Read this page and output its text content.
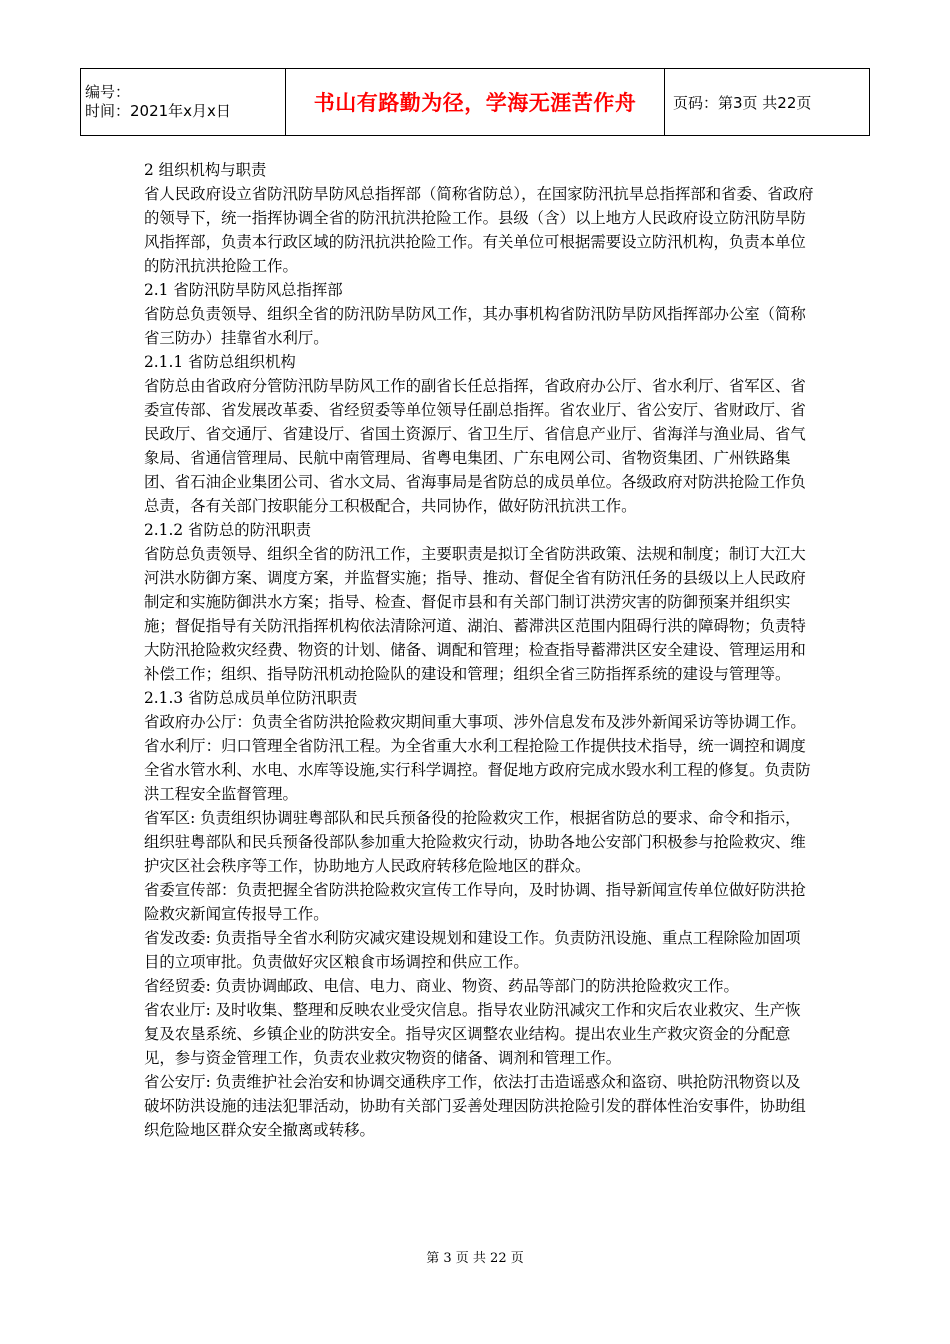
编号：
时间：2021年x月x日	书山有路勤为径，学海无涯苦作舟	页码：第3页 共22页

2 组织机构与职责

省人民政府设立省防汛防旱防风总指挥部（简称省防总），在国家防汛抗旱总指挥部和省委、省政府的领导下，统一指挥协调全省的防汛抗洪抢险工作。县级（含）以上地方人民政府设立防汛防旱防风指挥部，负责本行政区域的防汛抗洪抢险工作。有关单位可根据需要设立防汛机构，负责本单位的防汛抗洪抢险工作。

2.1 省防汛防旱防风总指挥部

省防总负责领导、组织全省的防汛防旱防风工作，其办事机构省防汛防旱防风指挥部办公室（简称省三防办）挂靠省水利厅。

2.1.1 省防总组织机构

省防总由省政府分管防汛防旱防风工作的副省长任总指挥，省政府办公厅、省水利厅、省军区、省委宣传部、省发展改革委、省经贸委等单位领导任副总指挥。省农业厅、省公安厅、省财政厅、省民政厅、省交通厅、省建设厅、省国土资源厅、省卫生厅、省信息产业厅、省海洋与渔业局、省气象局、省通信管理局、民航中南管理局、省粤电集团、广东电网公司、省物资集团、广州铁路集团、省石油企业集团公司、省水文局、省海事局是省防总的成员单位。各级政府对防洪抢险工作负总责，各有关部门按职能分工积极配合，共同协作，做好防汛抗洪工作。

2.1.2 省防总的防汛职责

省防总负责领导、组织全省的防汛工作，主要职责是拟订全省防洪政策、法规和制度；制订大江大河洪水防御方案、调度方案，并监督实施；指导、推动、督促全省有防汛任务的县级以上人民政府制定和实施防御洪水方案；指导、检查、督促市县和有关部门制订洪涝灾害的防御预案并组织实施；督促指导有关防汛指挥机构依法清除河道、湖泊、蓄滞洪区范围内阻碍行洪的障碍物；负责特大防汛抢险救灾经费、物资的计划、储备、调配和管理；检查指导蓄滞洪区安全建设、管理运用和补偿工作；组织、指导防汛机动抢险队的建设和管理；组织全省三防指挥系统的建设与管理等。

2.1.3 省防总成员单位防汛职责

省政府办公厅：负责全省防洪抢险救灾期间重大事项、涉外信息发布及涉外新闻采访等协调工作。

省水利厅：归口管理全省防汛工程。为全省重大水利工程抢险工作提供技术指导，统一调控和调度全省水管水利、水电、水库等设施,实行科学调控。督促地方政府完成水毁水利工程的修复。负责防洪工程安全监督管理。

省军区: 负责组织协调驻粤部队和民兵预备役的抢险救灾工作，根据省防总的要求、命令和指示，组织驻粤部队和民兵预备役部队参加重大抢险救灾行动，协助各地公安部门积极参与抢险救灾、维护灾区社会秩序等工作，协助地方人民政府转移危险地区的群众。

省委宣传部：负责把握全省防洪抢险救灾宣传工作导向，及时协调、指导新闻宣传单位做好防洪抢险救灾新闻宣传报导工作。

省发改委: 负责指导全省水利防灾减灾建设规划和建设工作。负责防汛设施、重点工程除险加固项目的立项审批。负责做好灾区粮食市场调控和供应工作。

省经贸委: 负责协调邮政、电信、电力、商业、物资、药品等部门的防洪抢险救灾工作。

省农业厅: 及时收集、整理和反映农业受灾信息。指导农业防汛减灾工作和灾后农业救灾、生产恢复及农垦系统、乡镇企业的防洪安全。指导灾区调整农业结构。提出农业生产救灾资金的分配意见，参与资金管理工作，负责农业救灾物资的储备、调剂和管理工作。

省公安厅: 负责维护社会治安和协调交通秩序工作，依法打击造谣惑众和盗窃、哄抢防汛物资以及破坏防洪设施的违法犯罪活动，协助有关部门妥善处理因防洪抢险引发的群体性治安事件，协助组织危险地区群众安全撤离或转移。

第 3 页 共 22 页
